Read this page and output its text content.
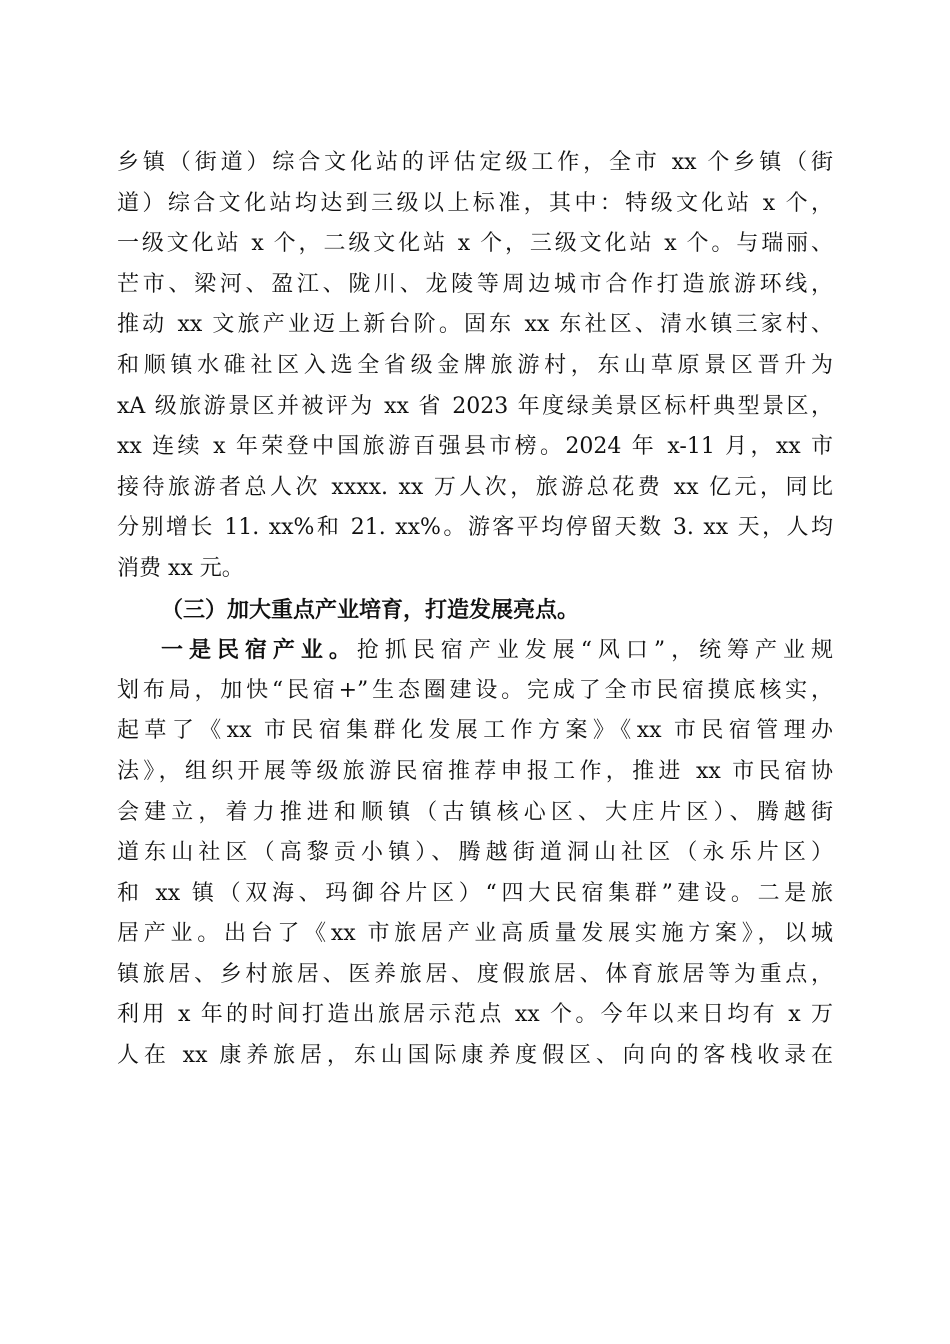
乡镇（街道）综合文化站的评估定级工作，全市 xx 个乡镇（街
道）综合文化站均达到三级以上标准，其中：特级文化站 x 个，
一级文化站 x 个，二级文化站 x 个，三级文化站 x 个。与瑞丽、
芒市、梁河、盈江、陇川、龙陵等周边城市合作打造旅游环线，
推动 xx 文旅产业迈上新台阶。固东 xx 东社区、清水镇三家村、
和顺镇水碓社区入选全省级金牌旅游村，东山草原景区晋升为
xA 级旅游景区并被评为 xx 省 2023 年度绿美景区标杆典型景区，
xx 连续 x 年荣登中国旅游百强县市榜。2024 年 x-11 月，xx 市
接待旅游者总人次 xxxx. xx 万人次，旅游总花费 xx 亿元，同比
分别增长 11. xx%和 21. xx%。游客平均停留天数 3. xx 天，人均
消费 xx 元。
（三）加大重点产业培育，打造发展亮点。
一是民宿产业。抢抓民宿产业发展“风口”，统筹产业规
划布局，加快“民宿+”生态圈建设。完成了全市民宿摸底核实，
起草了《xx 市民宿集群化发展工作方案》《xx 市民宿管理办
法》，组织开展等级旅游民宿推荐申报工作，推进 xx 市民宿协
会建立，着力推进和顺镇（古镇核心区、大庄片区）、腾越街
道东山社区（高黎贡小镇）、腾越街道洞山社区（永乐片区）
和 xx 镇（双海、玛御谷片区）“四大民宿集群”建设。二是旅
居产业。出台了《xx 市旅居产业高质量发展实施方案》，以城
镇旅居、乡村旅居、医养旅居、度假旅居、体育旅居等为重点，
利用 x 年的时间打造出旅居示范点 xx 个。今年以来日均有 x 万
人在 xx 康养旅居，东山国际康养度假区、向向的客栈收录在
